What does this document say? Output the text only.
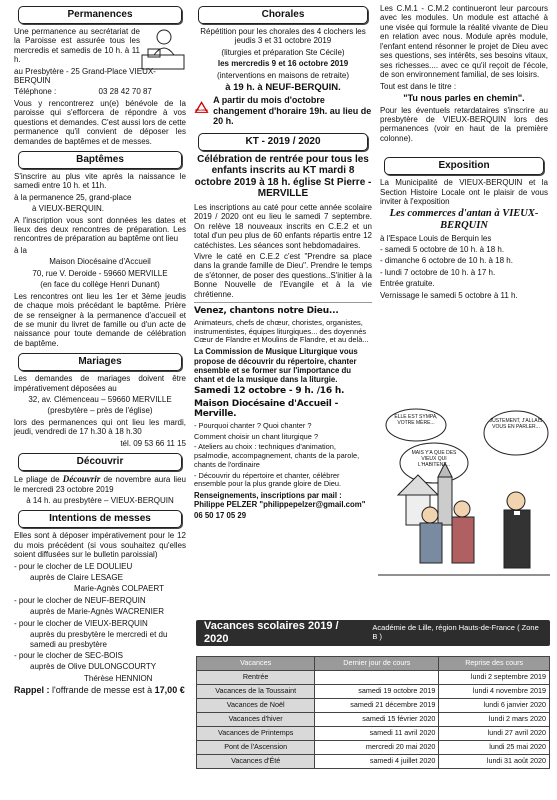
Permanences

Une permanence au secrétariat de la Paroisse est assurée tous les mercredis et samedis de 10 h. à 11 h.

au Presbytère - 25 Grand-Place VIEUX-BERQUIN

Téléphone :	03 28 42 70 87

Vous y rencontrerez un(e) bénévole de la paroisse qui s'efforcera de répondre à vos questions et demandes. C'est aussi lors de cette permanence qu'il convient de déposer les demandes de baptêmes et de messes.

Baptêmes

S'inscrire au plus vite après la naissance le samedi entre 10 h. et 11h.

à la permanence 25, grand-place

à VIEUX-BERQUIN.

A l'inscription vous sont données les dates et lieux des deux rencontres de préparation. Les rencontres de préparation au baptême ont lieu

à la

Maison Diocésaine d'Accueil

70, rue V. Deroide - 59660 MERVILLE

(en face du collège Henri Dunant)

Les rencontres ont lieu les 1er et 3ème jeudis de chaque mois précédant le baptême. Prière de se renseigner à la permanence d'accueil et de se munir du livret de famille ou d'un acte de naissance pour toute demande de célébration de baptême.

Mariages

Les demandes de mariages doivent être impérativement déposées au

32, av. Clémenceau – 59660 MERVILLE

(presbytère – près de l'église)

lors des permanences qui ont lieu les mardi, jeudi, vendredi de 17 h.30 à 18 h.30

tél. 09 53 66 11 15

Découvrir

Le pliage de Découvrir de novembre aura lieu le mercredi 23 octobre 2019

à 14 h. au presbytère – VIEUX-BERQUIN

Intentions de messes

Elles sont à déposer impérativement pour le 12 du mois précédent (si vous souhaitez qu'elles soient diffusées sur le bulletin paroissial)

- pour le clocher de LE DOULIEU

auprès de Claire LESAGE

Marie-Agnès COLPAERT

- pour le clocher de NEUF-BERQUIN

auprès de Marie-Agnès WACRENIER

- pour le clocher de VIEUX-BERQUIN

auprès du presbytère le mercredi et du samedi au presbytère

- pour le clocher de SEC-BOIS

auprès de Olive DULONGCOURTY

Thérèse HENNION

Rappel : l'offrande de messe est à 17,00 €

Chorales

Répétition pour les chorales des 4 clochers les jeudis 3 et 31 octobre 2019

(liturgies et préparation Ste Cécile)

les mercredis 9 et 16 octobre 2019

(interventions en maisons de retraite)

à 19 h. à NEUF-BERQUIN.

Attention

A partir du mois d'octobre changement d'horaire 19h. au lieu de 20 h.

KT - 2019 / 2020

Célébration de rentrée pour tous les enfants inscrits au KT mardi 8 octobre 2019 à 18 h. église St Pierre - MERVILLE

Les inscriptions au caté pour cette année scolaire 2019 / 2020 ont eu lieu le samedi 7 septembre. On relève 18 nouveaux inscrits en C.E.2 et un total d'un peu plus de 60 enfants répartis entre 12 catéchistes. Les séances sont hebdomadaires.

Vivre le caté en C.E.2 c'est "Prendre sa place dans la grande famille de Dieu". Prendre le temps de s'étonner, de poser des questions..S'initier à la Bonne Nouvelle de l'Evangile et à la vie chrétienne.

Venez, chantons notre Dieu...

Animateurs, chefs de chœur, choristes, organistes, instrumentistes, équipes liturgiques... des doyennés Cœur de Flandre et Moulins de Flandre, et au delà...

La Commission de Musique Liturgique vous propose de découvrir du répertoire, chanter ensemble et se former sur l'importance du chant et de la musique dans la liturgie.

Samedi 12 octobre - 9 h. /16 h.

Maison Diocésaine d'Accueil - Merville.

- Pourquoi chanter ? Quoi chanter ?

Comment choisir un chant liturgique ?

- Ateliers au choix : techniques d'animation, psalmodie, accompagnement, chants de la parole, chants de l'ordinaire

- Découvrir du répertoire et chanter, célébrer ensemble pour la plus grande gloire de Dieu.

Renseignements, inscriptions par mail : Philippe PELZER "philippepelzer@gmail.com"

06 50 17 05 29

Les C.M.1 - C.M.2 continueront leur parcours avec les modules. Un module est attaché à une visée qui formule la réalité vivante de Dieu en relation avec nous. Module après module, l'enfant entend résonner le projet de Dieu avec ses questions, ses intérêts, ses besoins vitaux, ses richesses.... avec ce qu'il reçoit de l'école, de son environnement familial, de ses loisirs.

Tout est dans le titre :

"Tu nous parles en chemin".

Pour les éventuels retardataires s'inscrire au presbytère de VIEUX-BERQUIN lors des permanences (voir en haut de la première colonne).

Exposition

La Municipalité de VIEUX-BERQUIN et la Section Histoire Locale ont le plaisir de vous inviter à l'exposition

Les commerces d'antan à VIEUX-BERQUIN

à l'Espace Louis de Berquin les

- samedi 5 octobre de 10 h. à 18 h.

- dimanche 6 octobre de 10 h. à 18 h.

- lundi 7 octobre de 10 h. à 17 h.

Entrée gratuite.

Vernissage le samedi 5 octobre à 11 h.

ELLE EST SYMPA, VOTRE MÈRE...
MAIS Y'A QUE DES VIEUX QUI L'HABITENT...
JUSTEMENT, J'ALLAIS VOUS EN PARLER...
Vacances scolaires 2019 / 2020
Académie de Lille, région Hauts-de-France ( Zone B )
Vacances	Dernier jour de cours	Reprise des cours
Rentrée		lundi 2 septembre 2019
Vacances de la Toussaint	samedi 19 octobre 2019	lundi 4 novembre 2019
Vacances de Noël	samedi 21 décembre 2019	lundi 6 janvier 2020
Vacances d'hiver	samedi 15 février 2020	lundi 2 mars 2020
Vacances de Printemps	samedi 11 avril 2020	lundi 27 avril 2020
Pont de l'Ascension	mercredi 20 mai 2020	lundi 25 mai 2020
Vacances d'Été	samedi 4 juillet 2020	lundi 31 août 2020
